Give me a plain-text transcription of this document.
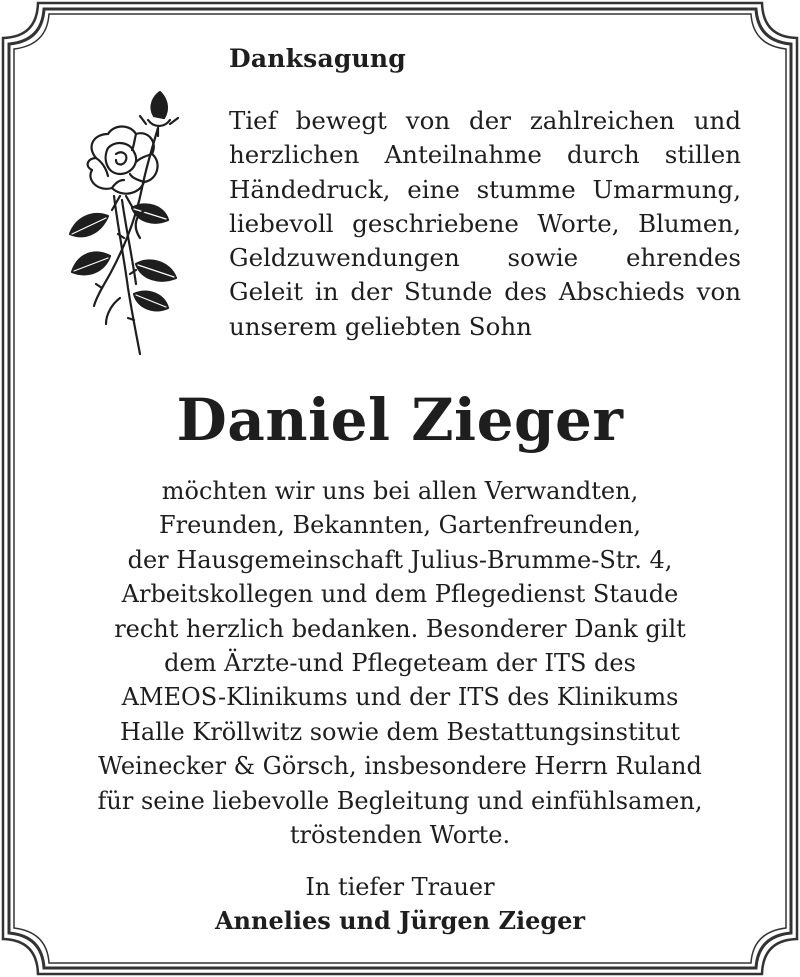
Danksagung
Tief bewegt von der zahlreichen und herzlichen Anteilnahme durch stillen Händedruck, eine stumme Umarmung, liebevoll geschriebene Worte, Blumen, Geldzuwendungen sowie ehrendes Geleit in der Stunde des Abschieds von unserem geliebten Sohn
Daniel Zieger
möchten wir uns bei allen Verwandten,
Freunden, Bekannten, Gartenfreunden,
der Hausgemeinschaft Julius-Brumme-Str. 4,
Arbeitskollegen und dem Pflegedienst Staude
recht herzlich bedanken. Besonderer Dank gilt
dem Ärzte-und Pflegeteam der ITS des
AMEOS-Klinikums und der ITS des Klinikums
Halle Kröllwitz sowie dem Bestattungsinstitut
Weinecker & Görsch, insbesondere Herrn Ruland
für seine liebevolle Begleitung und einfühlsamen,
tröstenden Worte.
In tiefer Trauer
Annelies und Jürgen Zieger
